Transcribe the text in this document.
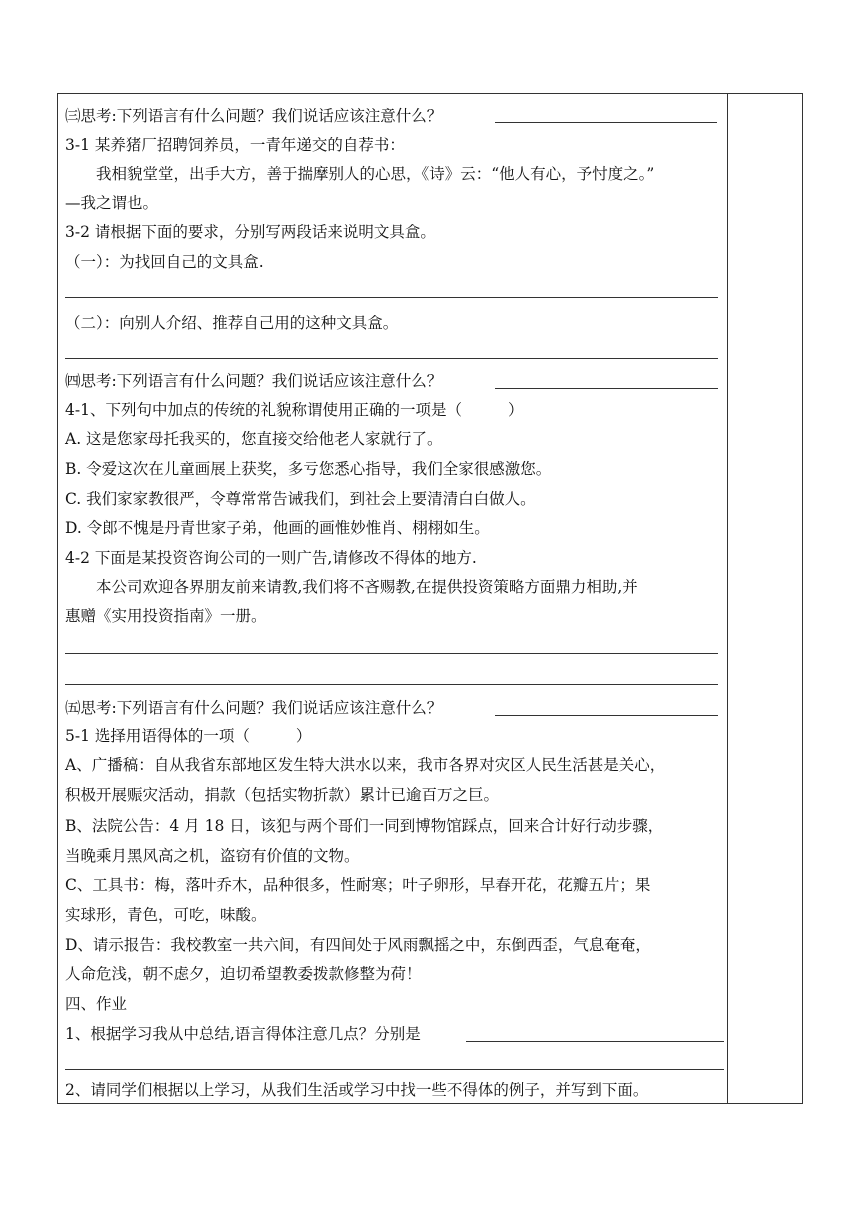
㈢思考:下列语言有什么问题？我们说话应该注意什么？
3-1 某养猪厂招聘饲养员，一青年递交的自荐书：
我相貌堂堂，出手大方，善于揣摩别人的心思，《诗》云：“他人有心，予忖度之。”
—我之谓也。
3-2 请根据下面的要求，分别写两段话来说明文具盒。
（一）：为找回自己的文具盒.
（二）：向别人介绍、推荐自己用的这种文具盒。
㈣思考:下列语言有什么问题？我们说话应该注意什么？
4-1、下列句中加点的传统的礼貌称谓使用正确的一项是（	）
A. 这是您家母托我买的，您直接交给他老人家就行了。
B. 令爱这次在儿童画展上获奖，多亏您悉心指导，我们全家很感激您。
C. 我们家家教很严，令尊常常告诫我们，到社会上要清清白白做人。
D. 令郎不愧是丹青世家子弟，他画的画惟妙惟肖、栩栩如生。
4-2 下面是某投资咨询公司的一则广告,请修改不得体的地方.
本公司欢迎各界朋友前来请教,我们将不吝赐教,在提供投资策略方面鼎力相助,并
惠赠《实用投资指南》一册。
㈤思考:下列语言有什么问题？我们说话应该注意什么？
5-1 选择用语得体的一项（	）
A、广播稿：自从我省东部地区发生特大洪水以来，我市各界对灾区人民生活甚是关心，
积极开展赈灾活动，捐款（包括实物折款）累计已逾百万之巨。
B、法院公告：4 月 18 日，该犯与两个哥们一同到博物馆踩点，回来合计好行动步骤，
当晚乘月黑风高之机，盗窃有价值的文物。
C、工具书：梅，落叶乔木，品种很多，性耐寒；叶子卵形，早春开花，花瓣五片；果
实球形，青色，可吃，味酸。
D、请示报告：我校教室一共六间，有四间处于风雨飘摇之中，东倒西歪，气息奄奄，
人命危浅，朝不虑夕，迫切希望教委拨款修整为荷！
四、作业
1、根据学习我从中总结,语言得体注意几点？分别是
2、请同学们根据以上学习，从我们生活或学习中找一些不得体的例子，并写到下面。
